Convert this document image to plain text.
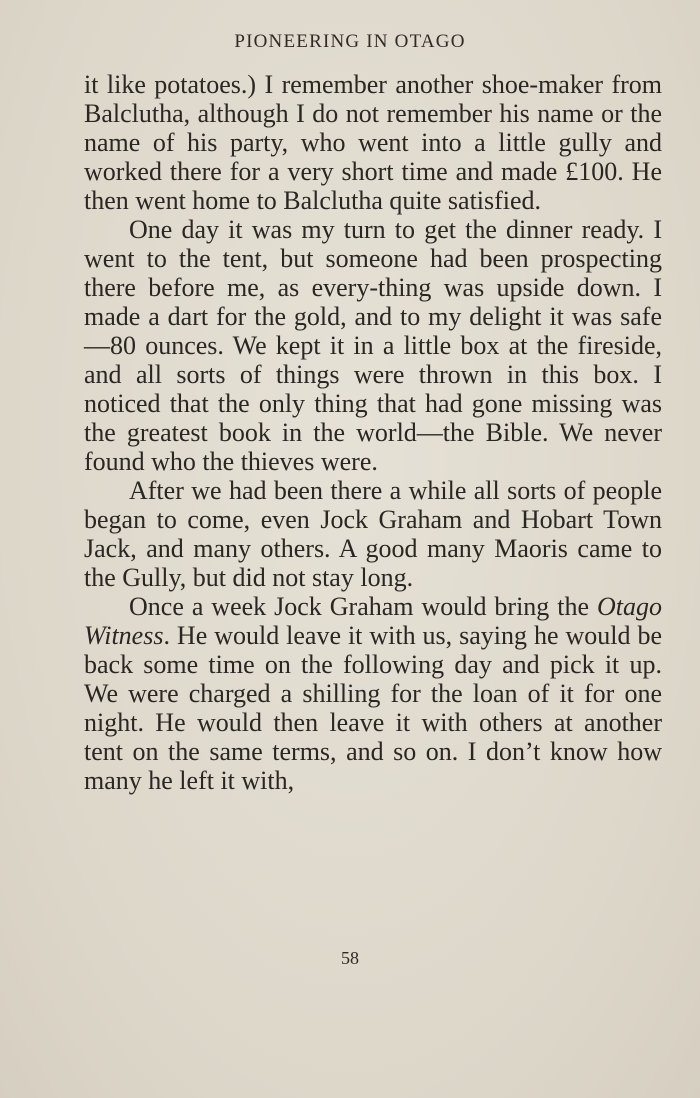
PIONEERING IN OTAGO

it like potatoes.) I remember another shoe-maker from Balclutha, although I do not remember his name or the name of his party, who went into a little gully and worked there for a very short time and made £100. He then went home to Balclutha quite satisfied.

One day it was my turn to get the dinner ready. I went to the tent, but someone had been prospecting there before me, as every-thing was upside down. I made a dart for the gold, and to my delight it was safe—80 ounces. We kept it in a little box at the fireside, and all sorts of things were thrown in this box. I noticed that the only thing that had gone missing was the greatest book in the world—the Bible. We never found who the thieves were.

After we had been there a while all sorts of people began to come, even Jock Graham and Hobart Town Jack, and many others. A good many Maoris came to the Gully, but did not stay long.

Once a week Jock Graham would bring the Otago Witness. He would leave it with us, saying he would be back some time on the following day and pick it up. We were charged a shilling for the loan of it for one night. He would then leave it with others at another tent on the same terms, and so on. I don’t know how many he left it with,

58
